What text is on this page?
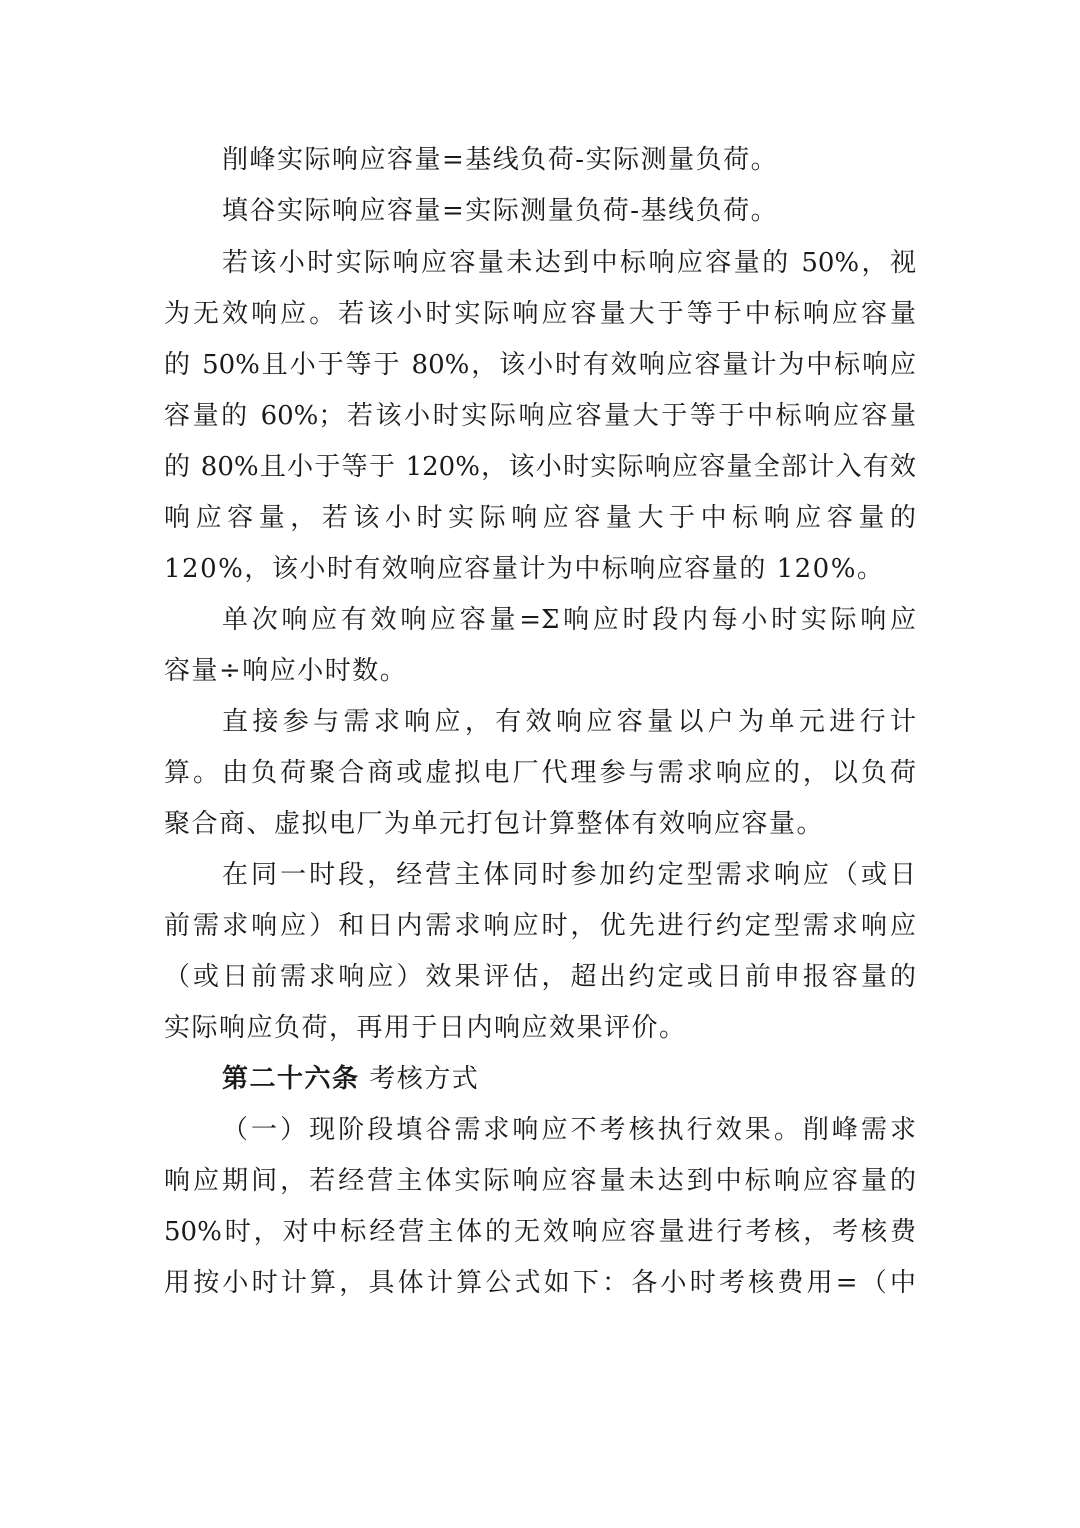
削峰实际响应容量=基线负荷-实际测量负荷。
填谷实际响应容量=实际测量负荷-基线负荷。
若该小时实际响应容量未达到中标响应容量的 50%，视
为无效响应。若该小时实际响应容量大于等于中标响应容量
的 50%且小于等于 80%，该小时有效响应容量计为中标响应
容量的 60%；若该小时实际响应容量大于等于中标响应容量
的 80%且小于等于 120%，该小时实际响应容量全部计入有效
响应容量，若该小时实际响应容量大于中标响应容量的
120%，该小时有效响应容量计为中标响应容量的 120%。
单次响应有效响应容量=Σ响应时段内每小时实际响应
容量÷响应小时数。
直接参与需求响应，有效响应容量以户为单元进行计
算。由负荷聚合商或虚拟电厂代理参与需求响应的，以负荷
聚合商、虚拟电厂为单元打包计算整体有效响应容量。
在同一时段，经营主体同时参加约定型需求响应（或日
前需求响应）和日内需求响应时，优先进行约定型需求响应
（或日前需求响应）效果评估，超出约定或日前申报容量的
实际响应负荷，再用于日内响应效果评价。
第二十六条 考核方式
（一）现阶段填谷需求响应不考核执行效果。削峰需求
响应期间，若经营主体实际响应容量未达到中标响应容量的
50%时，对中标经营主体的无效响应容量进行考核，考核费
用按小时计算，具体计算公式如下：各小时考核费用=（中
